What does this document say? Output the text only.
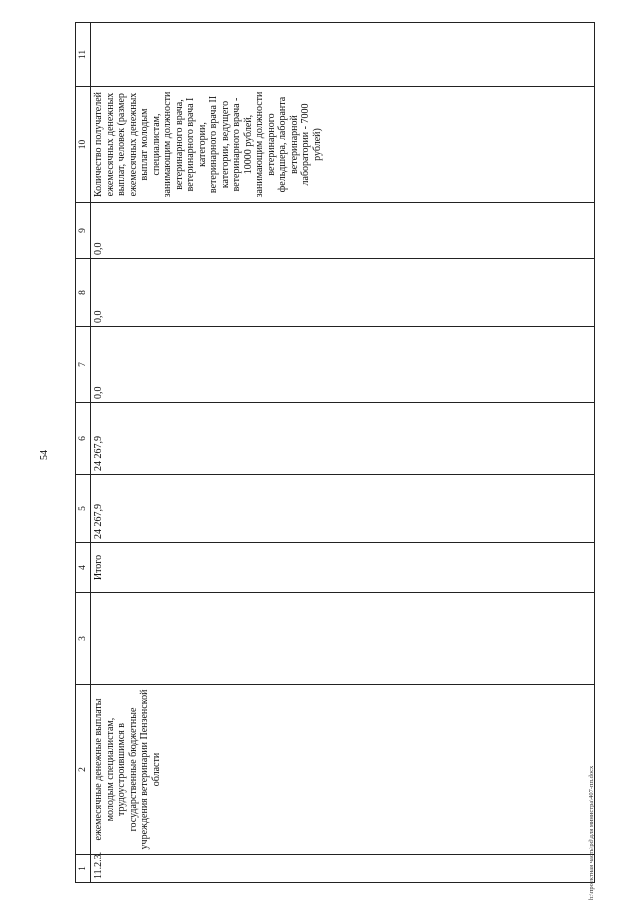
54
1	2	3	4	5	6	7	8	9	10	11
11.2.3.	ежемесячные денежные выплаты молодым специалистам, трудоустроившимся в государственные бюджетные учреждения ветеринарии Пензенской области		Итого	24 267,9	24 267,9	0,0	0,0	0,0	Количество получателей ежемесячных денежных выплат, человек (размер ежемесячных денежных выплат молодым специалистам, занимающим должности ветеринарного врача, ветеринарного врача I категории, ветеринарного врача II категории, ведущего ветеринарного врача - 10000 рублей, занимающим должности ветеринарного фельдшера, лаборанта ветеринарной лаборатории - 7000 рублей)	
h:\проектная часть\pd\для министра\407-пп.docx
